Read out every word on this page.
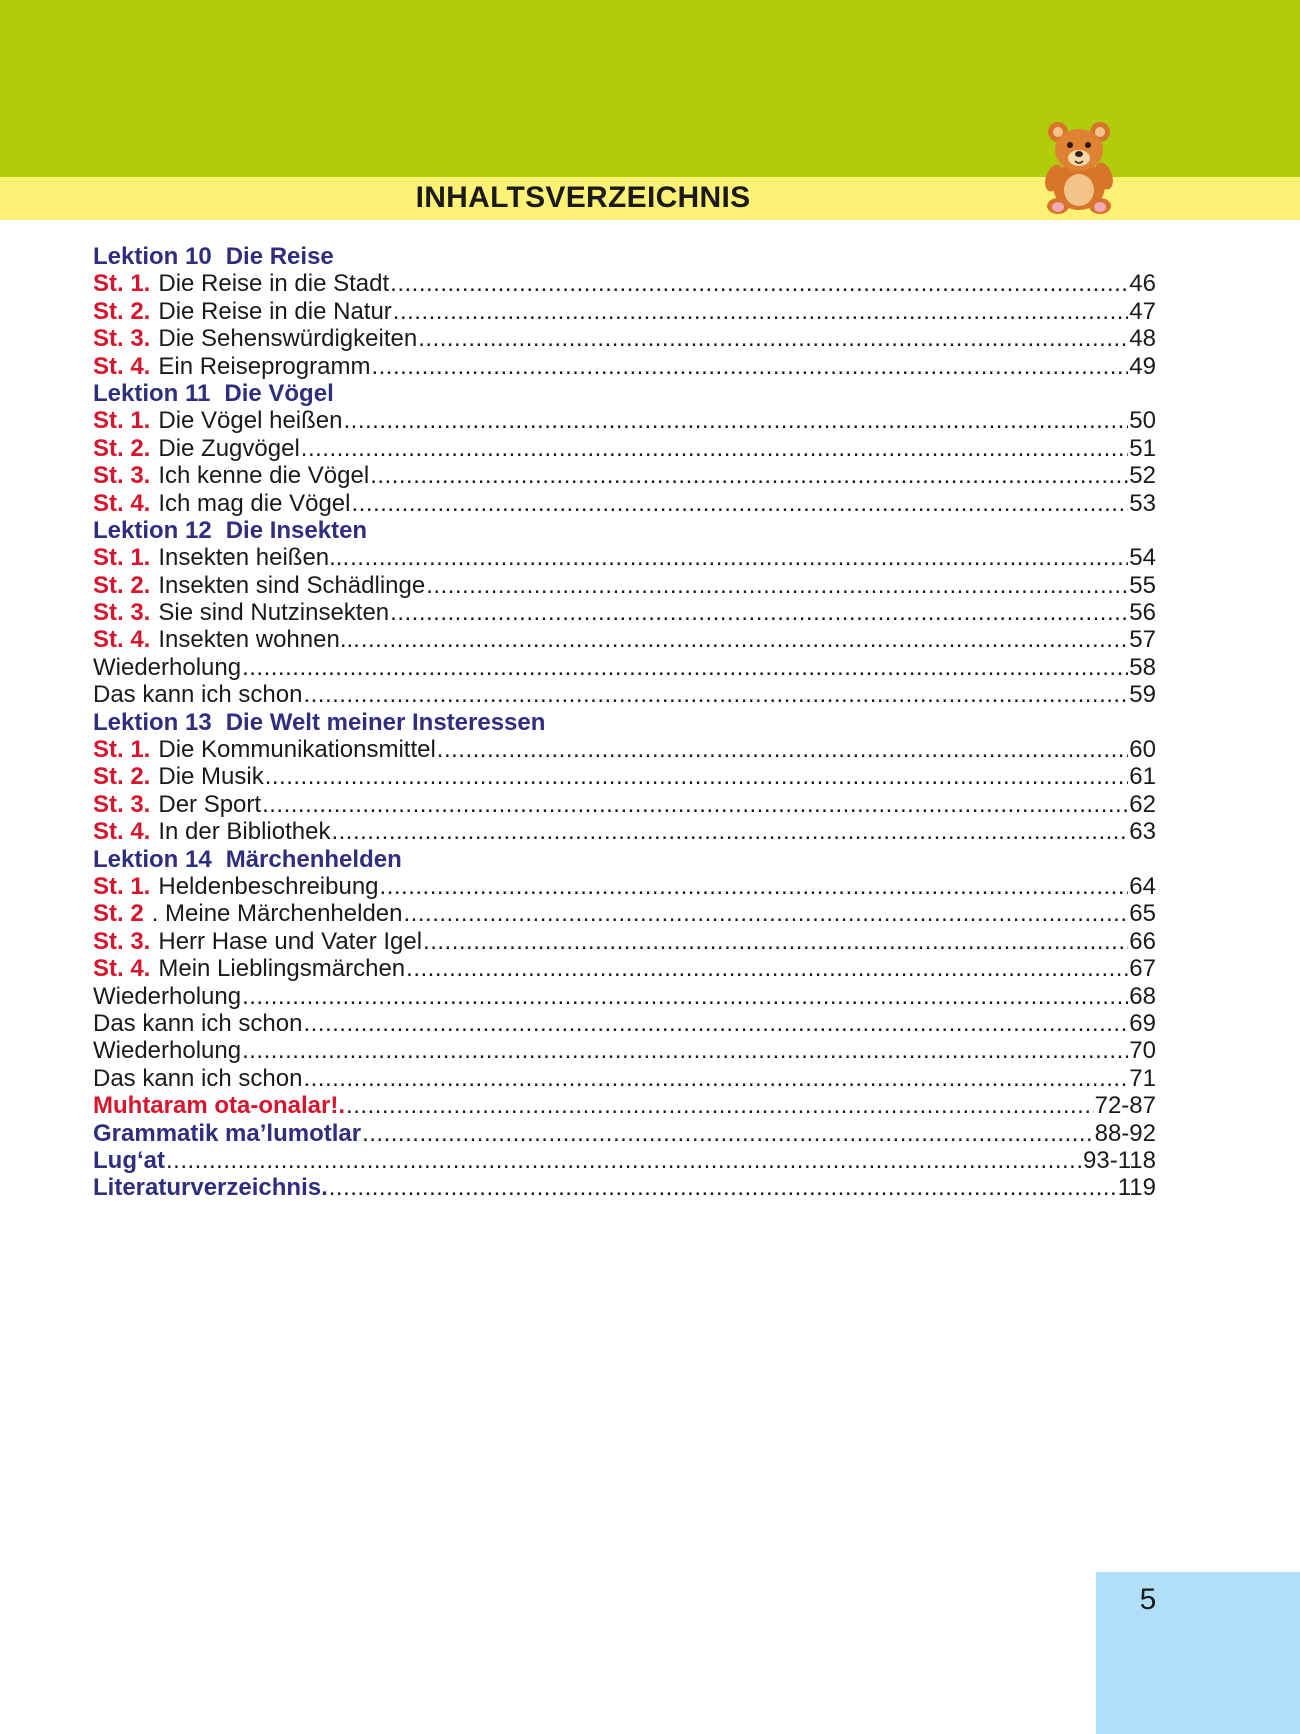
INHALTSVERZEICHNIS
Lektion 10 Die Reise
St. 1. Die Reise in die Stadt .....	46
St. 2. Die Reise in die Natur .....	47
St. 3. Die Sehenswürdigkeiten .....	48
St. 4. Ein Reiseprogramm .....	49
Lektion 11 Die Vögel
St. 1. Die Vögel heißen .....	50
St. 2. Die Zugvögel .....	51
St. 3. Ich kenne die Vögel .....	52
St. 4. Ich mag die Vögel .....	53
Lektion 12 Die Insekten
St. 1. Insekten heißen... .....	54
St. 2. Insekten sind Schädlinge .....	55
St. 3. Sie sind Nutzinsekten .....	56
St. 4. Insekten wohnen... .....	57
Wiederholung .....	58
Das kann ich schon .....	59
Lektion 13 Die Welt meiner Insteressen
St. 1. Die Kommunikationsmittel .....	60
St. 2. Die Musik .....	61
St. 3. Der Sport .....	62
St. 4. In der Bibliothek .....	63
Lektion 14 Märchenhelden
St. 1. Heldenbeschreibung .....	64
St. 2 . Meine Märchenhelden .....	65
St. 3. Herr Hase und Vater Igel .....	66
St. 4. Mein Lieblingsmärchen .....	67
Wiederholung .....	68
Das kann ich schon .....	69
Wiederholung .....	70
Das kann ich schon .....	71
Muhtaram ota-onalar!. .....	72-87
Grammatik ma’lumotlar .....	88-92
Lug‘at .....	93-118
Literaturverzeichnis. .....	119
5
